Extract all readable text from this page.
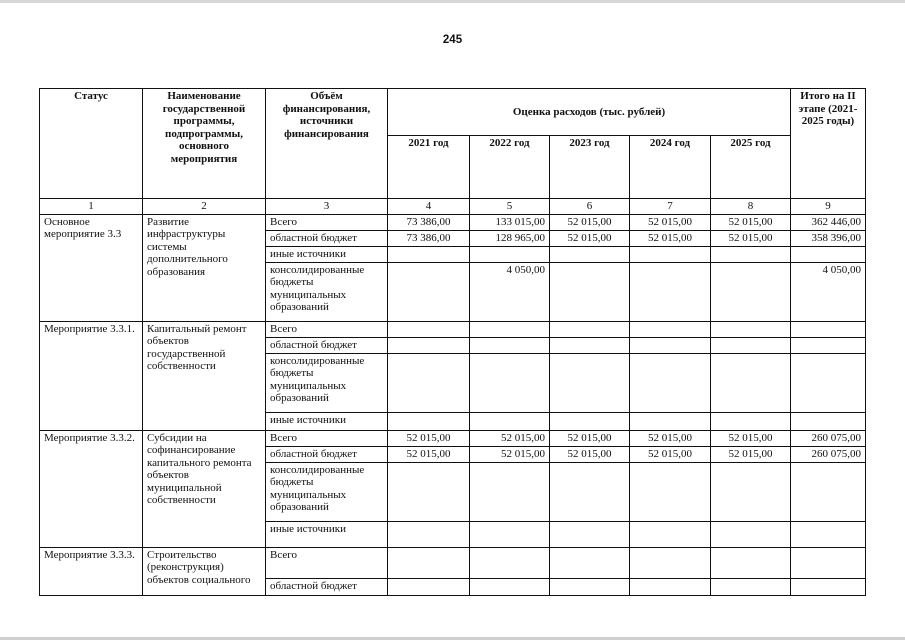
245
Статус	Наименование государственной программы, подпрограммы, основного мероприятия	Объём финансирования, источники финансирования	Оценка расходов (тыс. рублей)					Итого на II этапе (2021-2025 годы)
			2021 год	2022 год	2023 год	2024 год	2025 год	
1	2	3	4	5	6	7	8	9
Основное мероприятие 3.3	Развитие инфраструктуры системы дополнительного образования	Всего	73 386,00	133 015,00	52 015,00	52 015,00	52 015,00	362 446,00
		областной бюджет	73 386,00	128 965,00	52 015,00	52 015,00	52 015,00	358 396,00
		иные источники						
		консолидированные бюджеты муниципальных образований		4 050,00				4 050,00
Мероприятие 3.3.1.	Капитальный ремонт объектов государственной собственности	Всего						
		областной бюджет						
		консолидированные бюджеты муниципальных образований						
		иные источники						
Мероприятие 3.3.2.	Субсидии на софинансирование капитального ремонта объектов муниципальной собственности	Всего	52 015,00	52 015,00	52 015,00	52 015,00	52 015,00	260 075,00
		областной бюджет	52 015,00	52 015,00	52 015,00	52 015,00	52 015,00	260 075,00
		консолидированные бюджеты муниципальных образований						
		иные источники						
Мероприятие 3.3.3.	Строительство (реконструкция) объектов социального	Всего						
		областной бюджет						
